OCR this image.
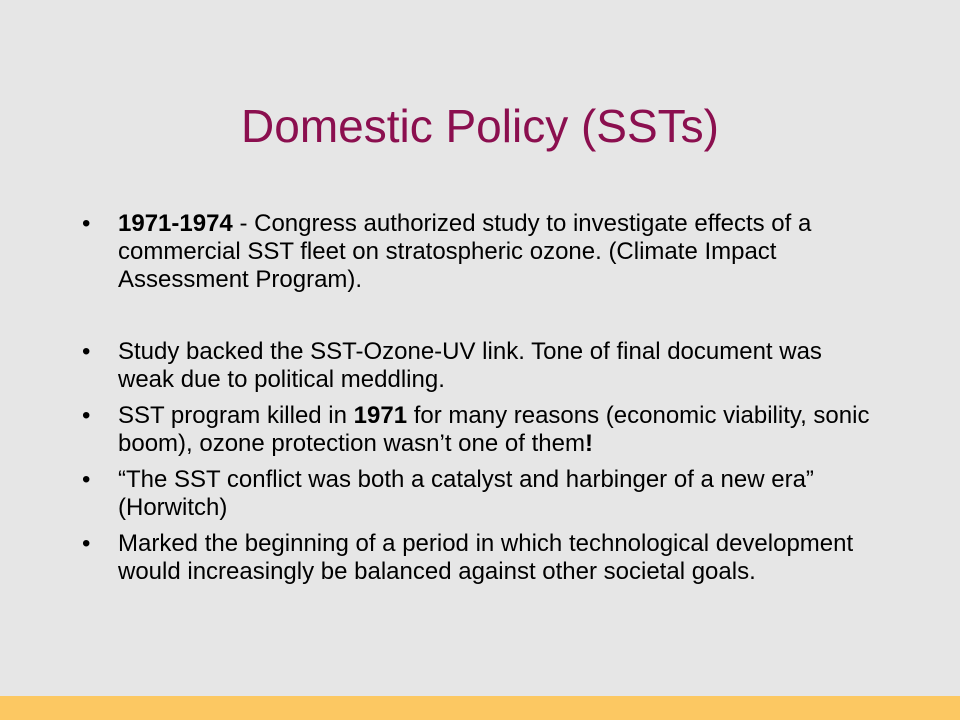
Domestic Policy (SSTs)
• 1971-1974 - Congress authorized study to investigate effects of a commercial SST fleet on stratospheric ozone. (Climate Impact Assessment Program).
• Study backed the SST-Ozone-UV link. Tone of final document was weak due to political meddling.
• SST program killed in 1971 for many reasons (economic viability, sonic boom), ozone protection wasn’t one of them!
• “The SST conflict was both a catalyst and harbinger of a new era” (Horwitch)
• Marked the beginning of a period in which technological development would increasingly be balanced against other societal goals.
